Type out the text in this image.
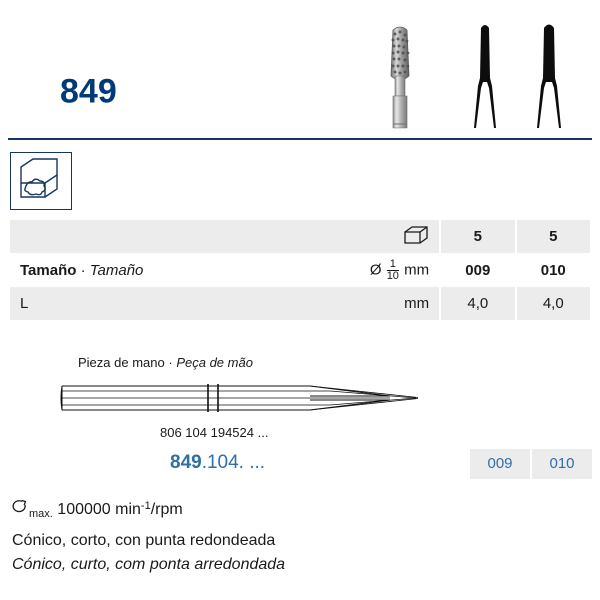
849
		5	5
Tamaño · Tamaño	Ø $\frac{1}{10}$ mm	009	010
L	mm	4,0	4,0
Pieza de mano · Peça de mão
806 104 194524 ...
849.104. ...	009	010
$_{max.}$ 100000 $\min^{-1}$/rpm
Cónico, corto, con punta redondeada
Cónico, curto, com ponta arredondada
